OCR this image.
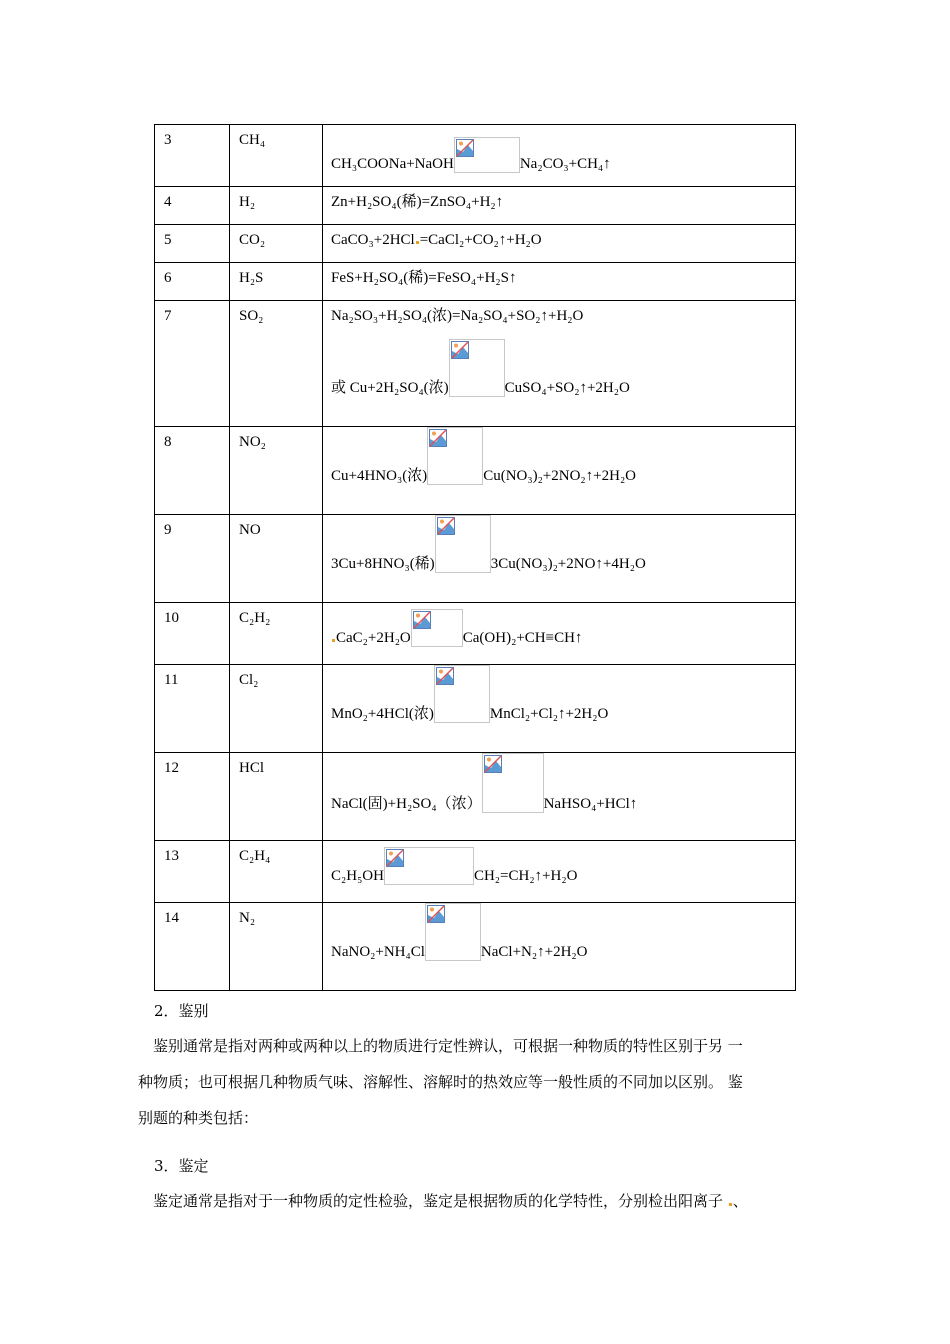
3	CH₄	CH₃COONa+NaOH Na₂CO₃+CH₄↑

4	H₂	Zn+H₂SO₄(稀)=ZnSO₄+H₂↑

5	CO₂	CaCO₃+2HCl =CaCl₂+CO₂↑+H₂O

6	H₂S	FeS+H₂SO₄(稀)=FeSO₄+H₂S↑

7	SO₂	Na₂SO₃+H₂SO₄(浓)=Na₂SO₄+SO₂↑+H₂O
或 Cu+2H₂SO₄(浓) CuSO₄+SO₂↑+2H₂O

8	NO₂	Cu+4HNO₃(浓) Cu(NO₃)₂+2NO₂↑+2H₂O

9	NO	3Cu+8HNO₃(稀) 3Cu(NO₃)₂+2NO↑+4H₂O

10	C₂H₂	CaC₂+2H₂O Ca(OH)₂+CH≡CH↑

11	Cl₂	MnO₂+4HCl(浓) MnCl₂+Cl₂↑+2H₂O

12	HCl	NaCl(固)+H₂SO₄（浓） NaHSO₄+HCl↑

13	C₂H₄	C₂H₅OH CH₂=CH₂↑+H₂O

14	N₂	NaNO₂+NH₄Cl NaCl+N₂↑+2H₂O
2．鉴别
　鉴别通常是指对两种或两种以上的物质进行定性辨认，可根据一种物质的特性区别于另 一
种物质；也可根据几种物质气味、溶解性、溶解时的热效应等一般性质的不同加以区别。 鉴
别题的种类包括：
3．鉴定
　鉴定通常是指对于一种物质的定性检验，鉴定是根据物质的化学特性，分别检出阳离子 、
